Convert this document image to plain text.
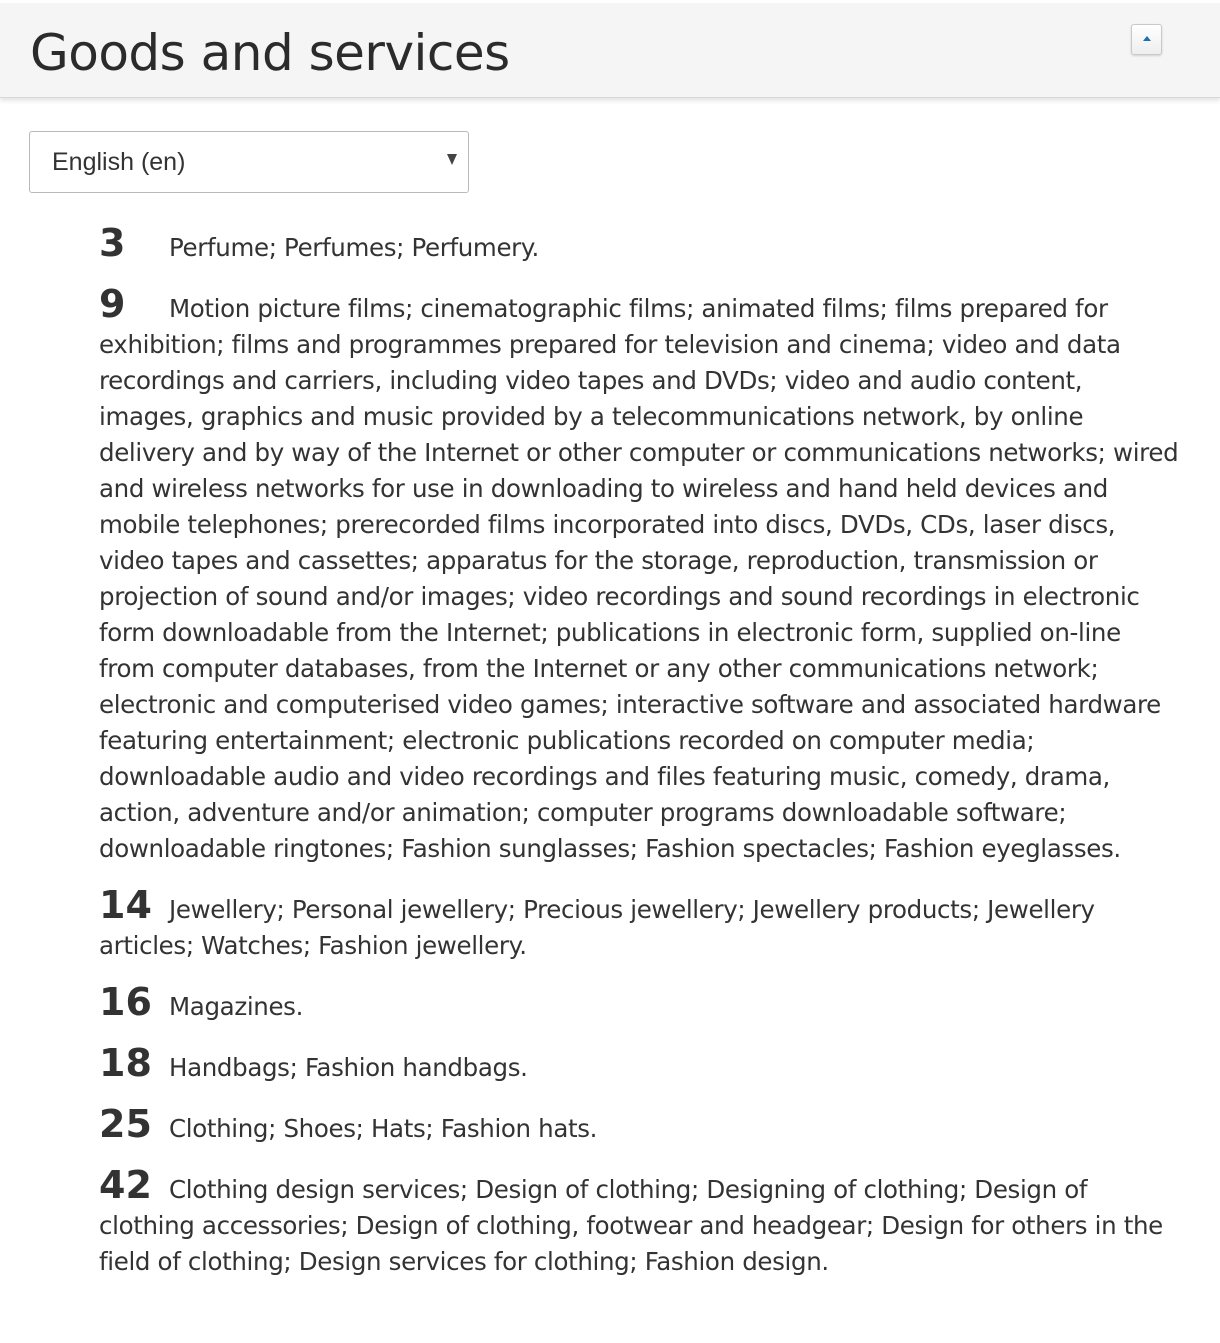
Goods and services
English (en)
3 Perfume; Perfumes; Perfumery.
9 Motion picture films; cinematographic films; animated films; films prepared for exhibition; films and programmes prepared for television and cinema; video and data recordings and carriers, including video tapes and DVDs; video and audio content, images, graphics and music provided by a telecommunications network, by online delivery and by way of the Internet or other computer or communications networks; wired and wireless networks for use in downloading to wireless and hand held devices and mobile telephones; prerecorded films incorporated into discs, DVDs, CDs, laser discs, video tapes and cassettes; apparatus for the storage, reproduction, transmission or projection of sound and/or images; video recordings and sound recordings in electronic form downloadable from the Internet; publications in electronic form, supplied on-line from computer databases, from the Internet or any other communications network; electronic and computerised video games; interactive software and associated hardware featuring entertainment; electronic publications recorded on computer media; downloadable audio and video recordings and files featuring music, comedy, drama, action, adventure and/or animation; computer programs downloadable software; downloadable ringtones; Fashion sunglasses; Fashion spectacles; Fashion eyeglasses.
14 Jewellery; Personal jewellery; Precious jewellery; Jewellery products; Jewellery articles; Watches; Fashion jewellery.
16 Magazines.
18 Handbags; Fashion handbags.
25 Clothing; Shoes; Hats; Fashion hats.
42 Clothing design services; Design of clothing; Designing of clothing; Design of clothing accessories; Design of clothing, footwear and headgear; Design for others in the field of clothing; Design services for clothing; Fashion design.
